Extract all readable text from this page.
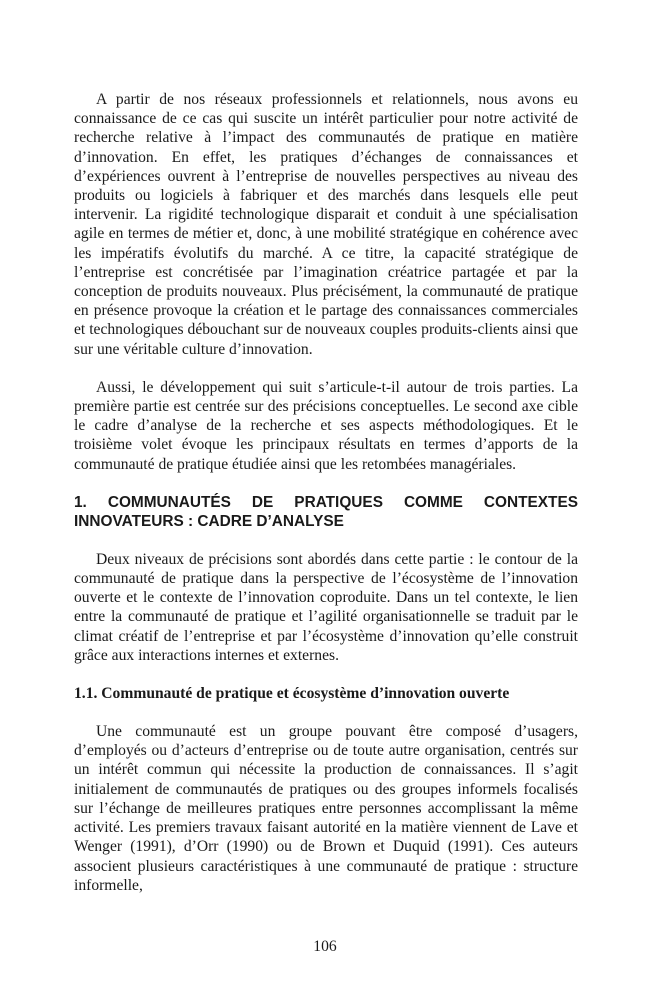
A partir de nos réseaux professionnels et relationnels, nous avons eu connaissance de ce cas qui suscite un intérêt particulier pour notre activité de recherche relative à l’impact des communautés de pratique en matière d’innovation. En effet, les pratiques d’échanges de connaissances et d’expériences ouvrent à l’entreprise de nouvelles perspectives au niveau des produits ou logiciels à fabriquer et des marchés dans lesquels elle peut intervenir. La rigidité technologique disparait et conduit à une spécialisation agile en termes de métier et, donc, à une mobilité stratégique en cohérence avec les impératifs évolutifs du marché. A ce titre, la capacité stratégique de l’entreprise est concrétisée par l’imagination créatrice partagée et par la conception de produits nouveaux. Plus précisément, la communauté de pratique en présence provoque la création et le partage des connaissances commerciales et technologiques débouchant sur de nouveaux couples produits-clients ainsi que sur une véritable culture d’innovation.

Aussi, le développement qui suit s’articule-t-il autour de trois parties. La première partie est centrée sur des précisions conceptuelles. Le second axe cible le cadre d’analyse de la recherche et ses aspects méthodologiques. Et le troisième volet évoque les principaux résultats en termes d’apports de la communauté de pratique étudiée ainsi que les retombées managériales.

1. COMMUNAUTÉS DE PRATIQUES COMME CONTEXTES INNOVATEURS : CADRE D’ANALYSE

Deux niveaux de précisions sont abordés dans cette partie : le contour de la communauté de pratique dans la perspective de l’écosystème de l’innovation ouverte et le contexte de l’innovation coproduite. Dans un tel contexte, le lien entre la communauté de pratique et l’agilité organisationnelle se traduit par le climat créatif de l’entreprise et par l’écosystème d’innovation qu’elle construit grâce aux interactions internes et externes.

1.1. Communauté de pratique et écosystème d’innovation ouverte

Une communauté est un groupe pouvant être composé d’usagers, d’employés ou d’acteurs d’entreprise ou de toute autre organisation, centrés sur un intérêt commun qui nécessite la production de connaissances. Il s’agit initialement de communautés de pratiques ou des groupes informels focalisés sur l’échange de meilleures pratiques entre personnes accomplissant la même activité. Les premiers travaux faisant autorité en la matière viennent de Lave et Wenger (1991), d’Orr (1990) ou de Brown et Duquid (1991). Ces auteurs associent plusieurs caractéristiques à une communauté de pratique : structure informelle,

106
